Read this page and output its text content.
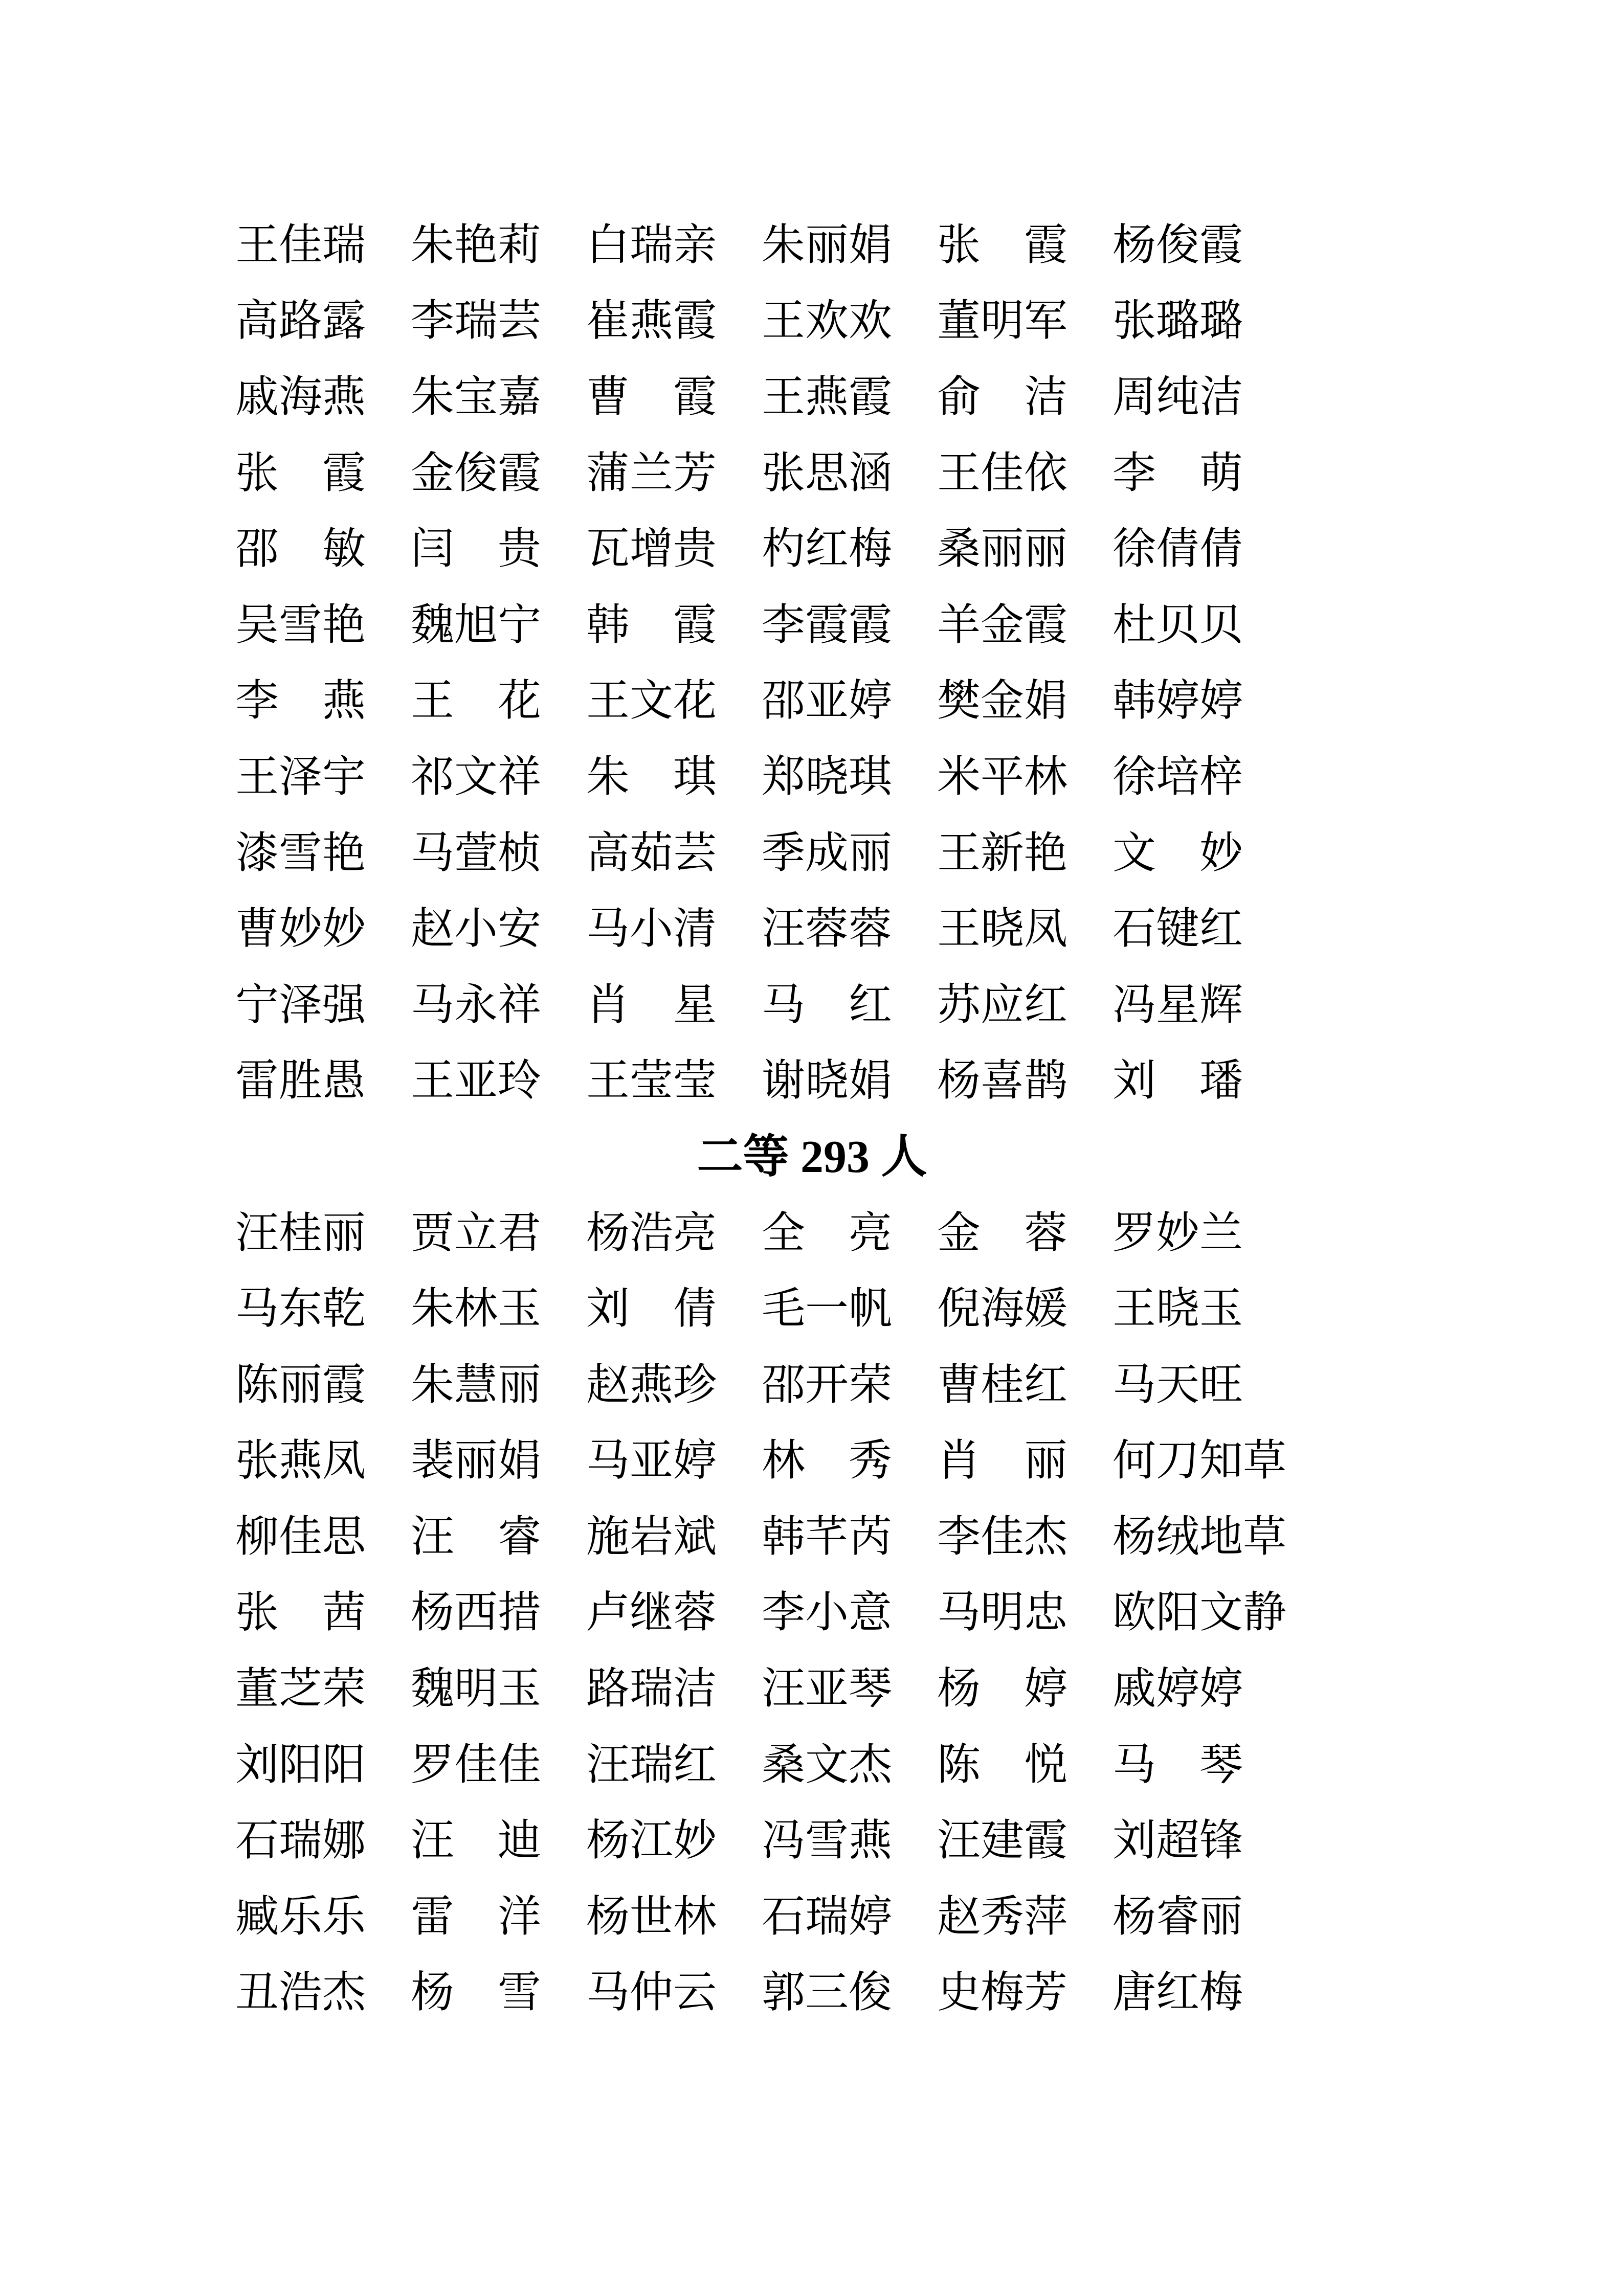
王佳瑞 朱艳莉 白瑞亲 朱丽娟 张　霞 杨俊霞
高路露 李瑞芸 崔燕霞 王欢欢 董明军 张璐璐
戚海燕 朱宝嘉 曹　霞 王燕霞 俞　洁 周纯洁
张　霞 金俊霞 蒲兰芳 张思涵 王佳依 李　萌
邵　敏 闫　贵 瓦增贵 杓红梅 桑丽丽 徐倩倩
吴雪艳 魏旭宁 韩　霞 李霞霞 羊金霞 杜贝贝
李　燕 王　花 王文花 邵亚婷 樊金娟 韩婷婷
王泽宇 祁文祥 朱　琪 郑晓琪 米平林 徐培梓
漆雪艳 马萱桢 高茹芸 季成丽 王新艳 文　妙
曹妙妙 赵小安 马小清 汪蓉蓉 王晓凤 石键红
宁泽强 马永祥 肖　星 马　红 苏应红 冯星辉
雷胜愚 王亚玲 王莹莹 谢晓娟 杨喜鹊 刘　璠
二等 293 人
汪桂丽 贾立君 杨浩亮 全　亮 金　蓉 罗妙兰
马东乾 朱林玉 刘　倩 毛一帆 倪海媛 王晓玉
陈丽霞 朱慧丽 赵燕珍 邵开荣 曹桂红 马天旺
张燕凤 裴丽娟 马亚婷 林　秀 肖　丽 何刀知草
柳佳思 汪　睿 施岩斌 韩芊芮 李佳杰 杨绒地草
张　茜 杨西措 卢继蓉 李小意 马明忠 欧阳文静
董芝荣 魏明玉 路瑞洁 汪亚琴 杨　婷 戚婷婷
刘阳阳 罗佳佳 汪瑞红 桑文杰 陈　悦 马　琴
石瑞娜 汪　迪 杨江妙 冯雪燕 汪建霞 刘超锋
臧乐乐 雷　洋 杨世林 石瑞婷 赵秀萍 杨睿丽
丑浩杰 杨　雪 马仲云 郭三俊 史梅芳 唐红梅
